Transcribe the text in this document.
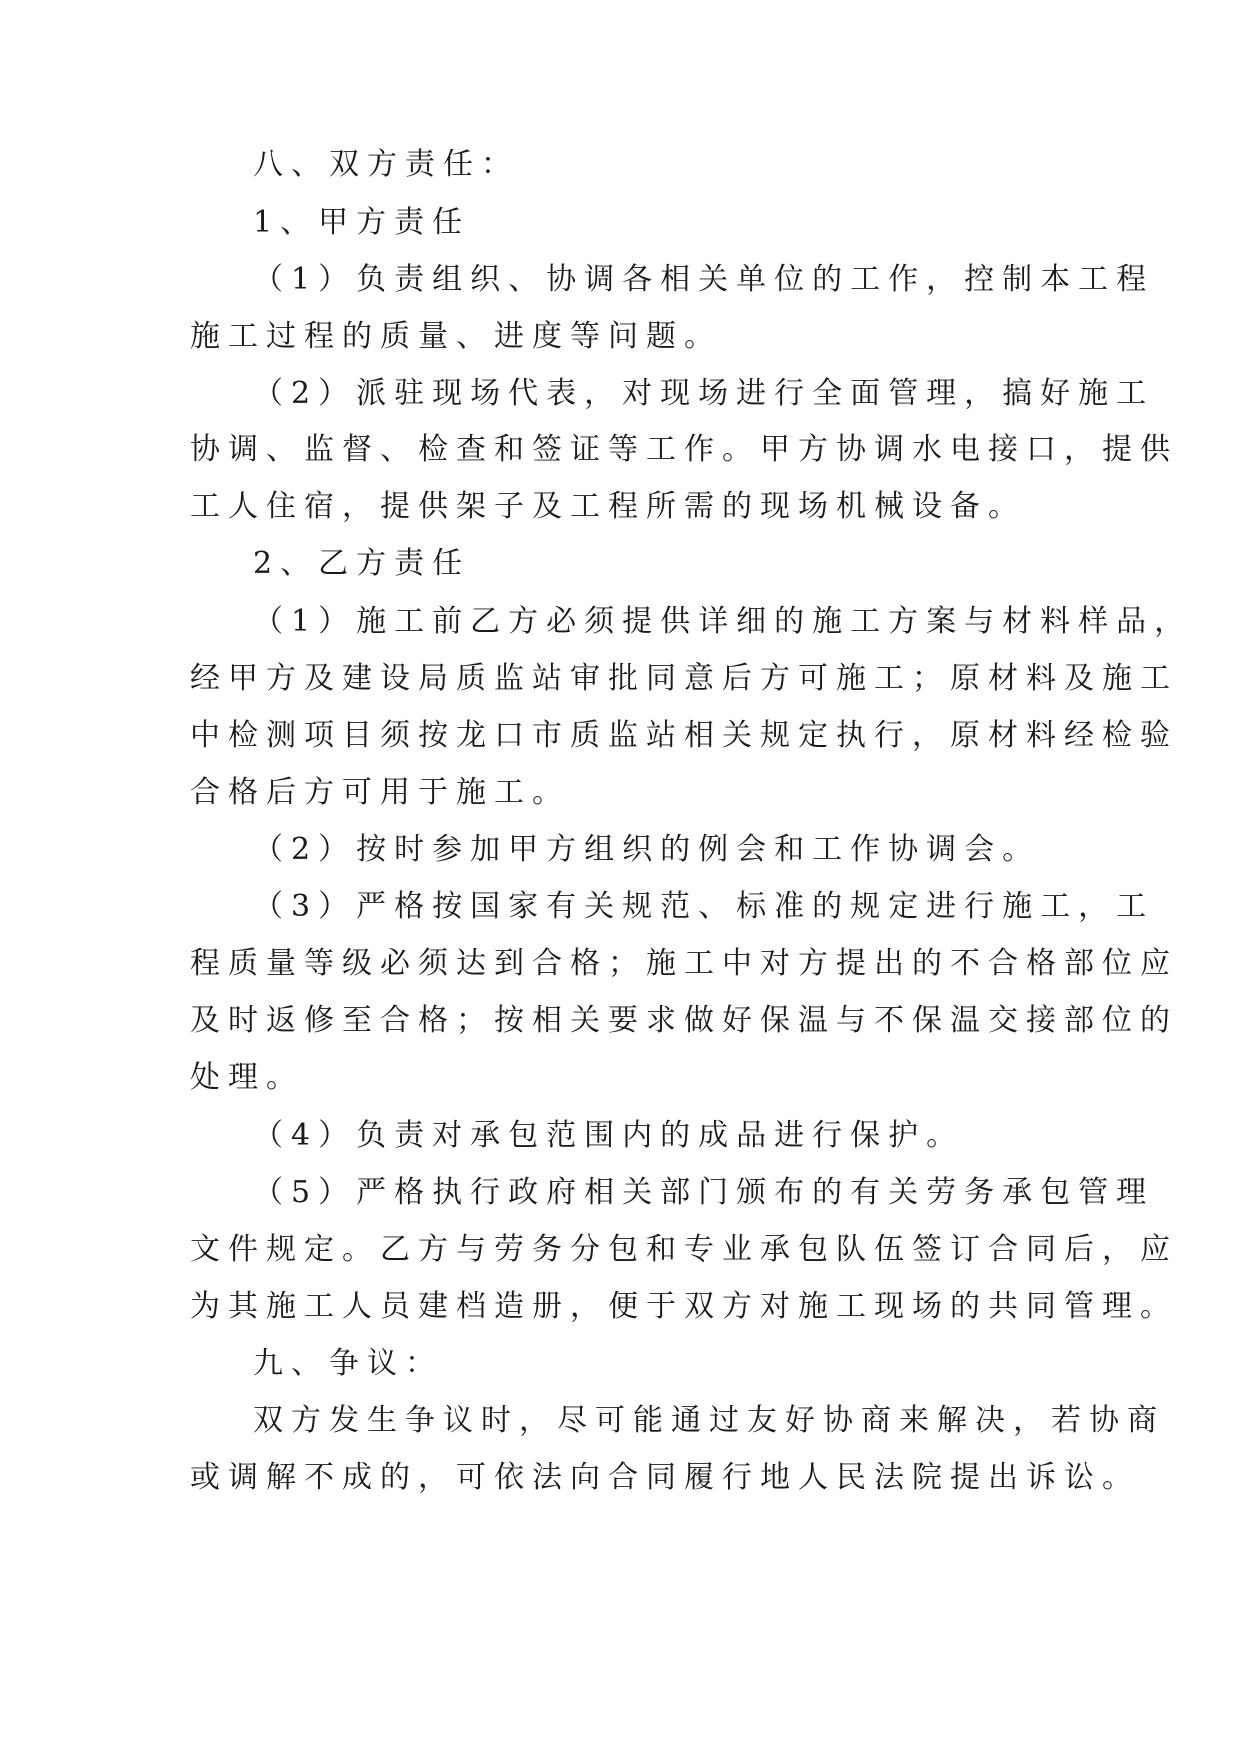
八、双方责任：

1、甲方责任

（1）负责组织、协调各相关单位的工作，控制本工程

施工过程的质量、进度等问题。

（2）派驻现场代表，对现场进行全面管理，搞好施工

协调、监督、检查和签证等工作。甲方协调水电接口，提供

工人住宿，提供架子及工程所需的现场机械设备。

2、乙方责任

（1）施工前乙方必须提供详细的施工方案与材料样品，

经甲方及建设局质监站审批同意后方可施工；原材料及施工

中检测项目须按龙口市质监站相关规定执行，原材料经检验

合格后方可用于施工。

（2）按时参加甲方组织的例会和工作协调会。

（3）严格按国家有关规范、标准的规定进行施工，工

程质量等级必须达到合格；施工中对方提出的不合格部位应

及时返修至合格；按相关要求做好保温与不保温交接部位的

处理。

（4）负责对承包范围内的成品进行保护。

（5）严格执行政府相关部门颁布的有关劳务承包管理

文件规定。乙方与劳务分包和专业承包队伍签订合同后，应

为其施工人员建档造册，便于双方对施工现场的共同管理。

九、争议：

双方发生争议时，尽可能通过友好协商来解决，若协商

或调解不成的，可依法向合同履行地人民法院提出诉讼。
